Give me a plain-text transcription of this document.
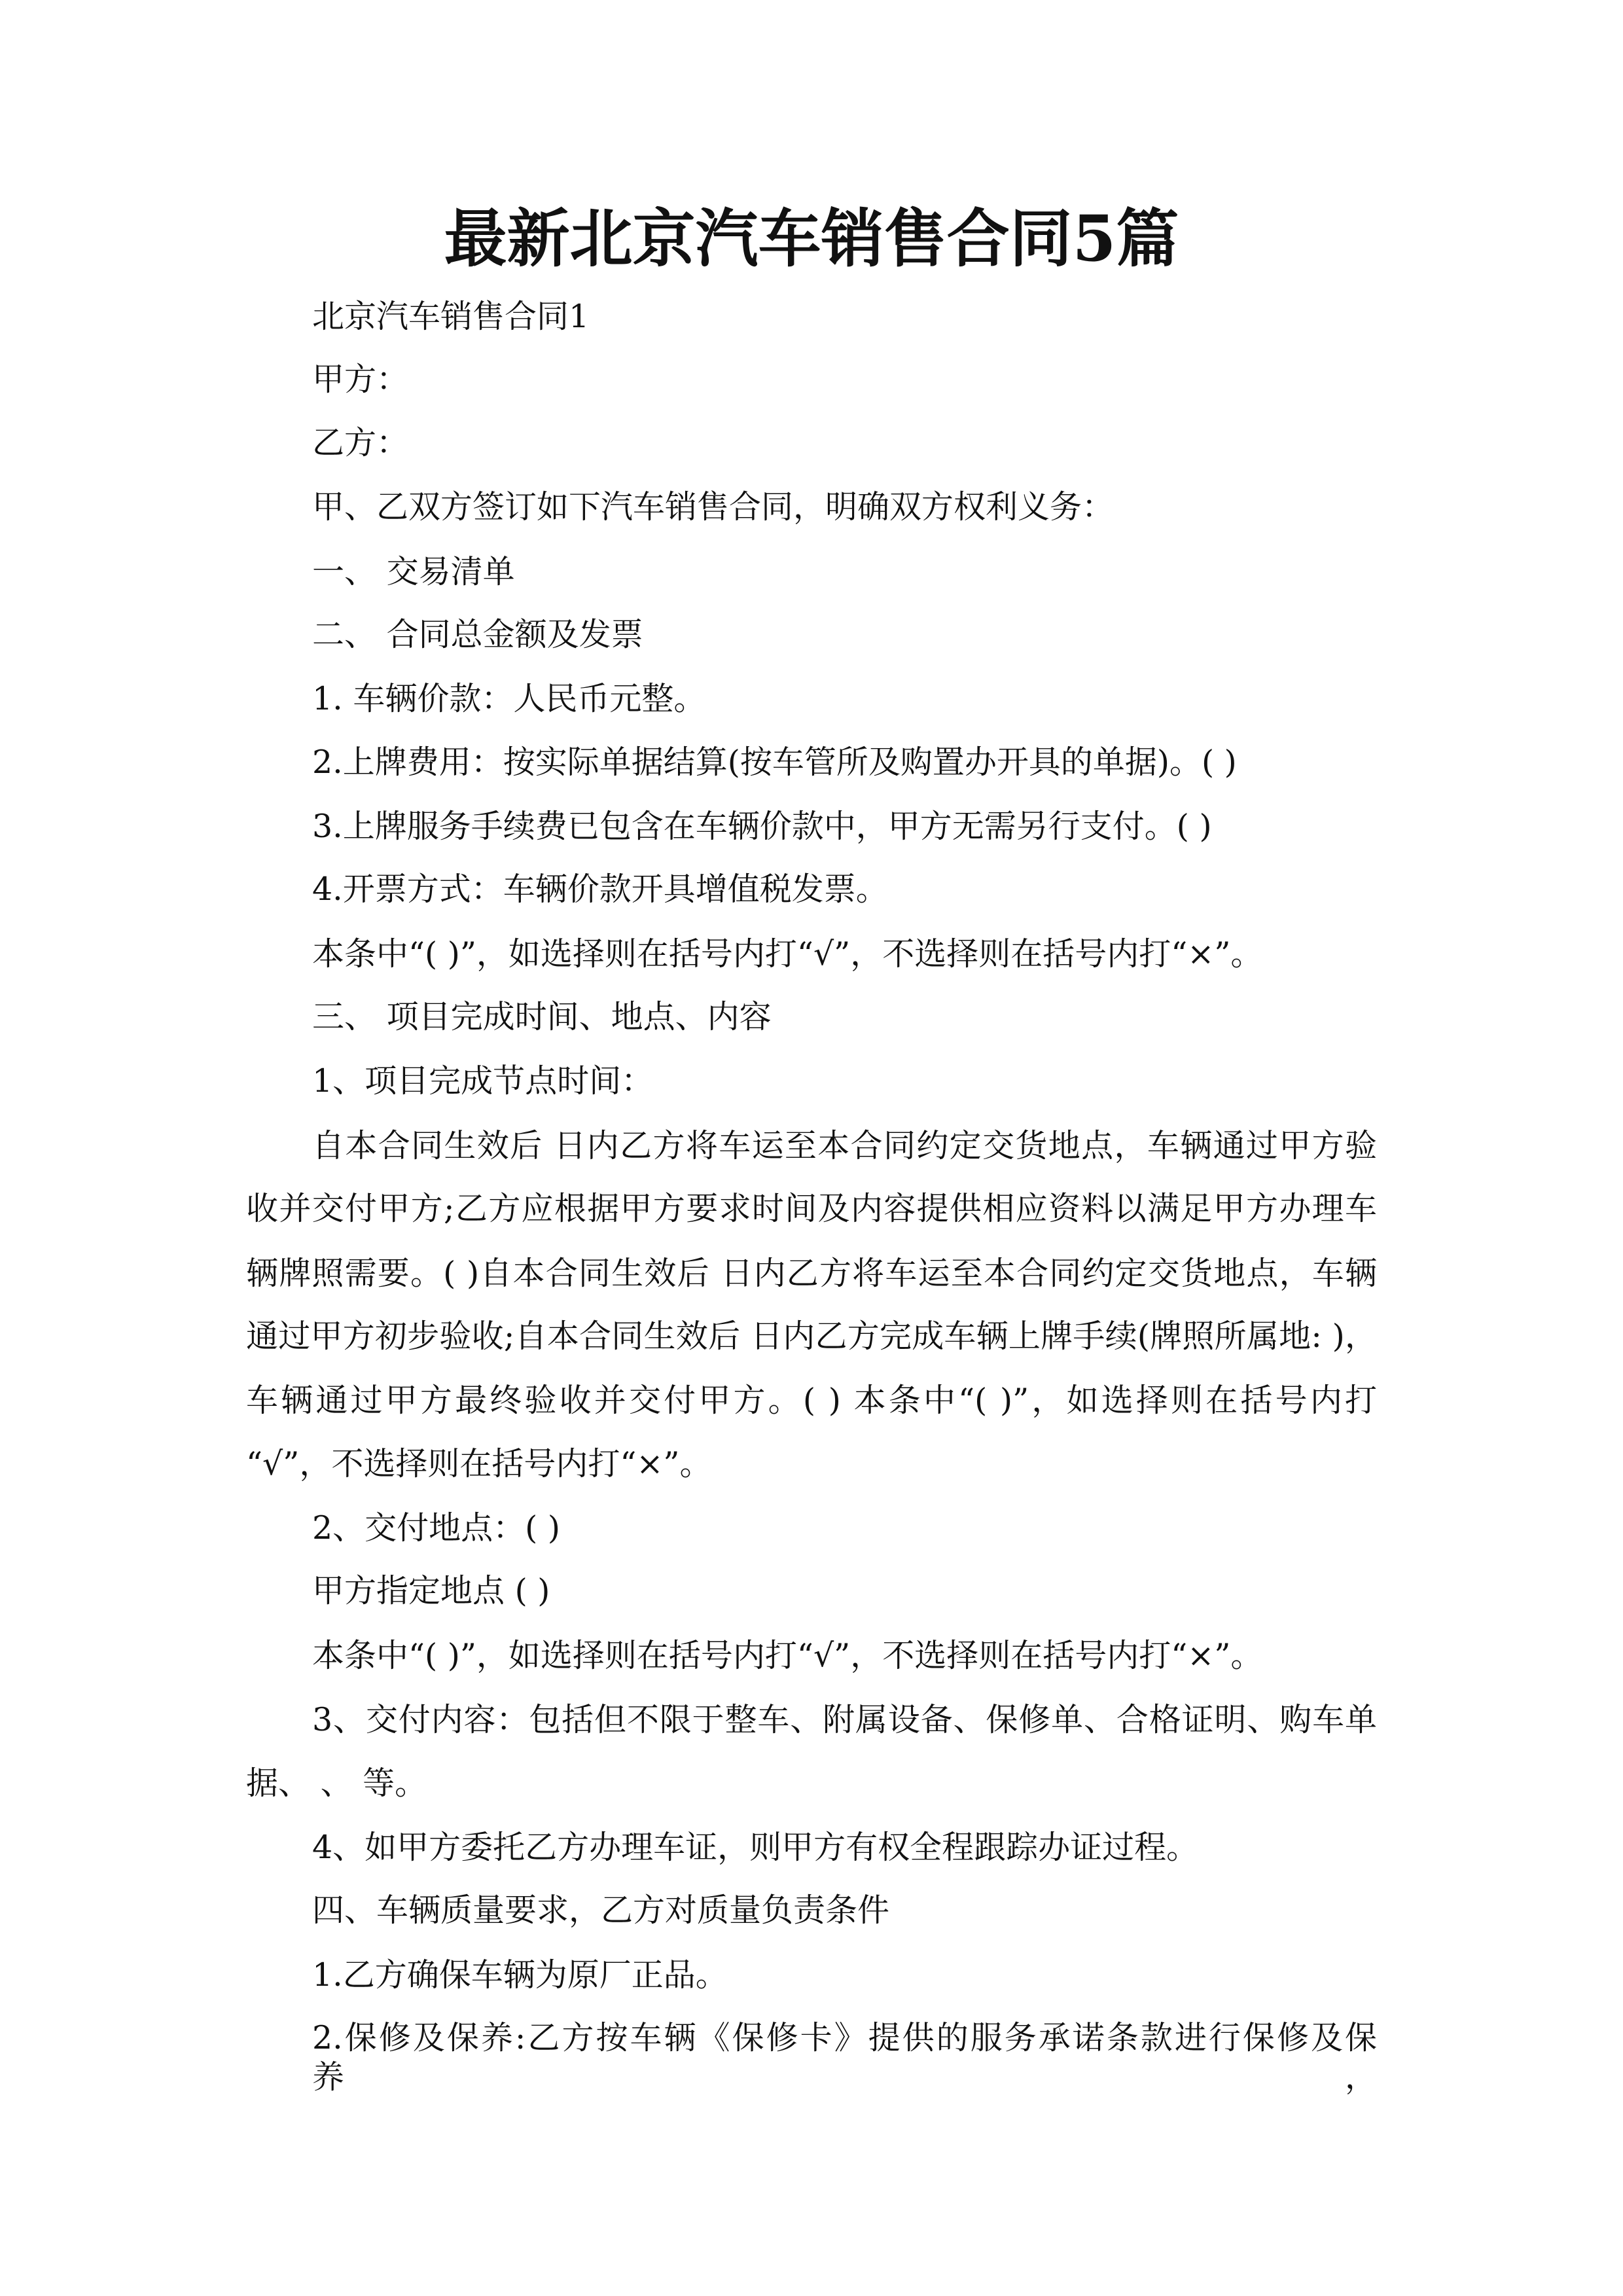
最新北京汽车销售合同5篇
北京汽车销售合同1
甲方：
乙方：
甲、乙双方签订如下汽车销售合同，明确双方权利义务：
一、 交易清单
二、 合同总金额及发票
1. 车辆价款：人民币元整。
2.上牌费用：按实际单据结算(按车管所及购置办开具的单据)。( )
3.上牌服务手续费已包含在车辆价款中，甲方无需另行支付。( )
4.开票方式：车辆价款开具增值税发票。
本条中“( )”，如选择则在括号内打“√”，不选择则在括号内打“×”。
三、 项目完成时间、地点、内容
1、项目完成节点时间：
自本合同生效后 日内乙方将车运至本合同约定交货地点，车辆通过甲方验
收并交付甲方;乙方应根据甲方要求时间及内容提供相应资料以满足甲方办理车
辆牌照需要。( )自本合同生效后 日内乙方将车运至本合同约定交货地点，车辆
通过甲方初步验收;自本合同生效后 日内乙方完成车辆上牌手续(牌照所属地: )，
车辆通过甲方最终验收并交付甲方。( ) 本条中“( )”，如选择则在括号内打
“√”，不选择则在括号内打“×”。
2、交付地点：( )
甲方指定地点 ( )
本条中“( )”，如选择则在括号内打“√”，不选择则在括号内打“×”。
3、交付内容：包括但不限于整车、附属设备、保修单、合格证明、购车单
据、 、 等。
4、如甲方委托乙方办理车证，则甲方有权全程跟踪办证过程。
四、车辆质量要求，乙方对质量负责条件
1.乙方确保车辆为原厂正品。
2.保修及保养:乙方按车辆《保修卡》提供的服务承诺条款进行保修及保养，
